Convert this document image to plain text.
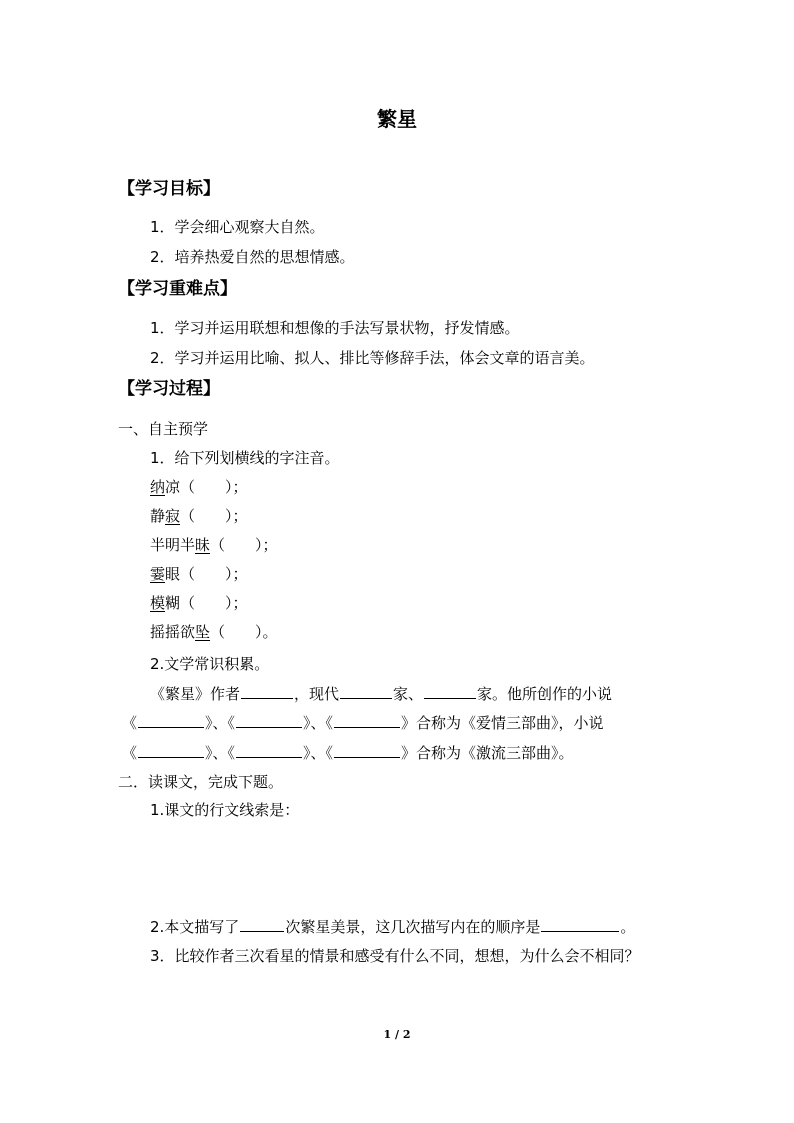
繁星
【学习目标】
1．学会细心观察大自然。
2．培养热爱自然的思想情感。
【学习重难点】
1．学习并运用联想和想像的手法写景状物，抒发情感。
2．学习并运用比喻、拟人、排比等修辞手法，体会文章的语言美。
【学习过程】
一、自主预学
1．给下列划横线的字注音。
纳凉（　　）；
静寂（　　）；
半明半昧（　　）；
霎眼（　　）；
模糊（　　）；
摇摇欲坠（　　）。
2.文学常识积累。
《繁星》作者	，现代	家、	家。他所创作的小说
《	》、《	》、《	》合称为《爱情三部曲》，小说
《	》、《	》、《	》合称为《激流三部曲》。
二．读课文，完成下题。
1.课文的行文线索是：
2.本文描写了	次繁星美景，这几次描写内在的顺序是	。
3．比较作者三次看星的情景和感受有什么不同，想想，为什么会不相同？
1 / 2
